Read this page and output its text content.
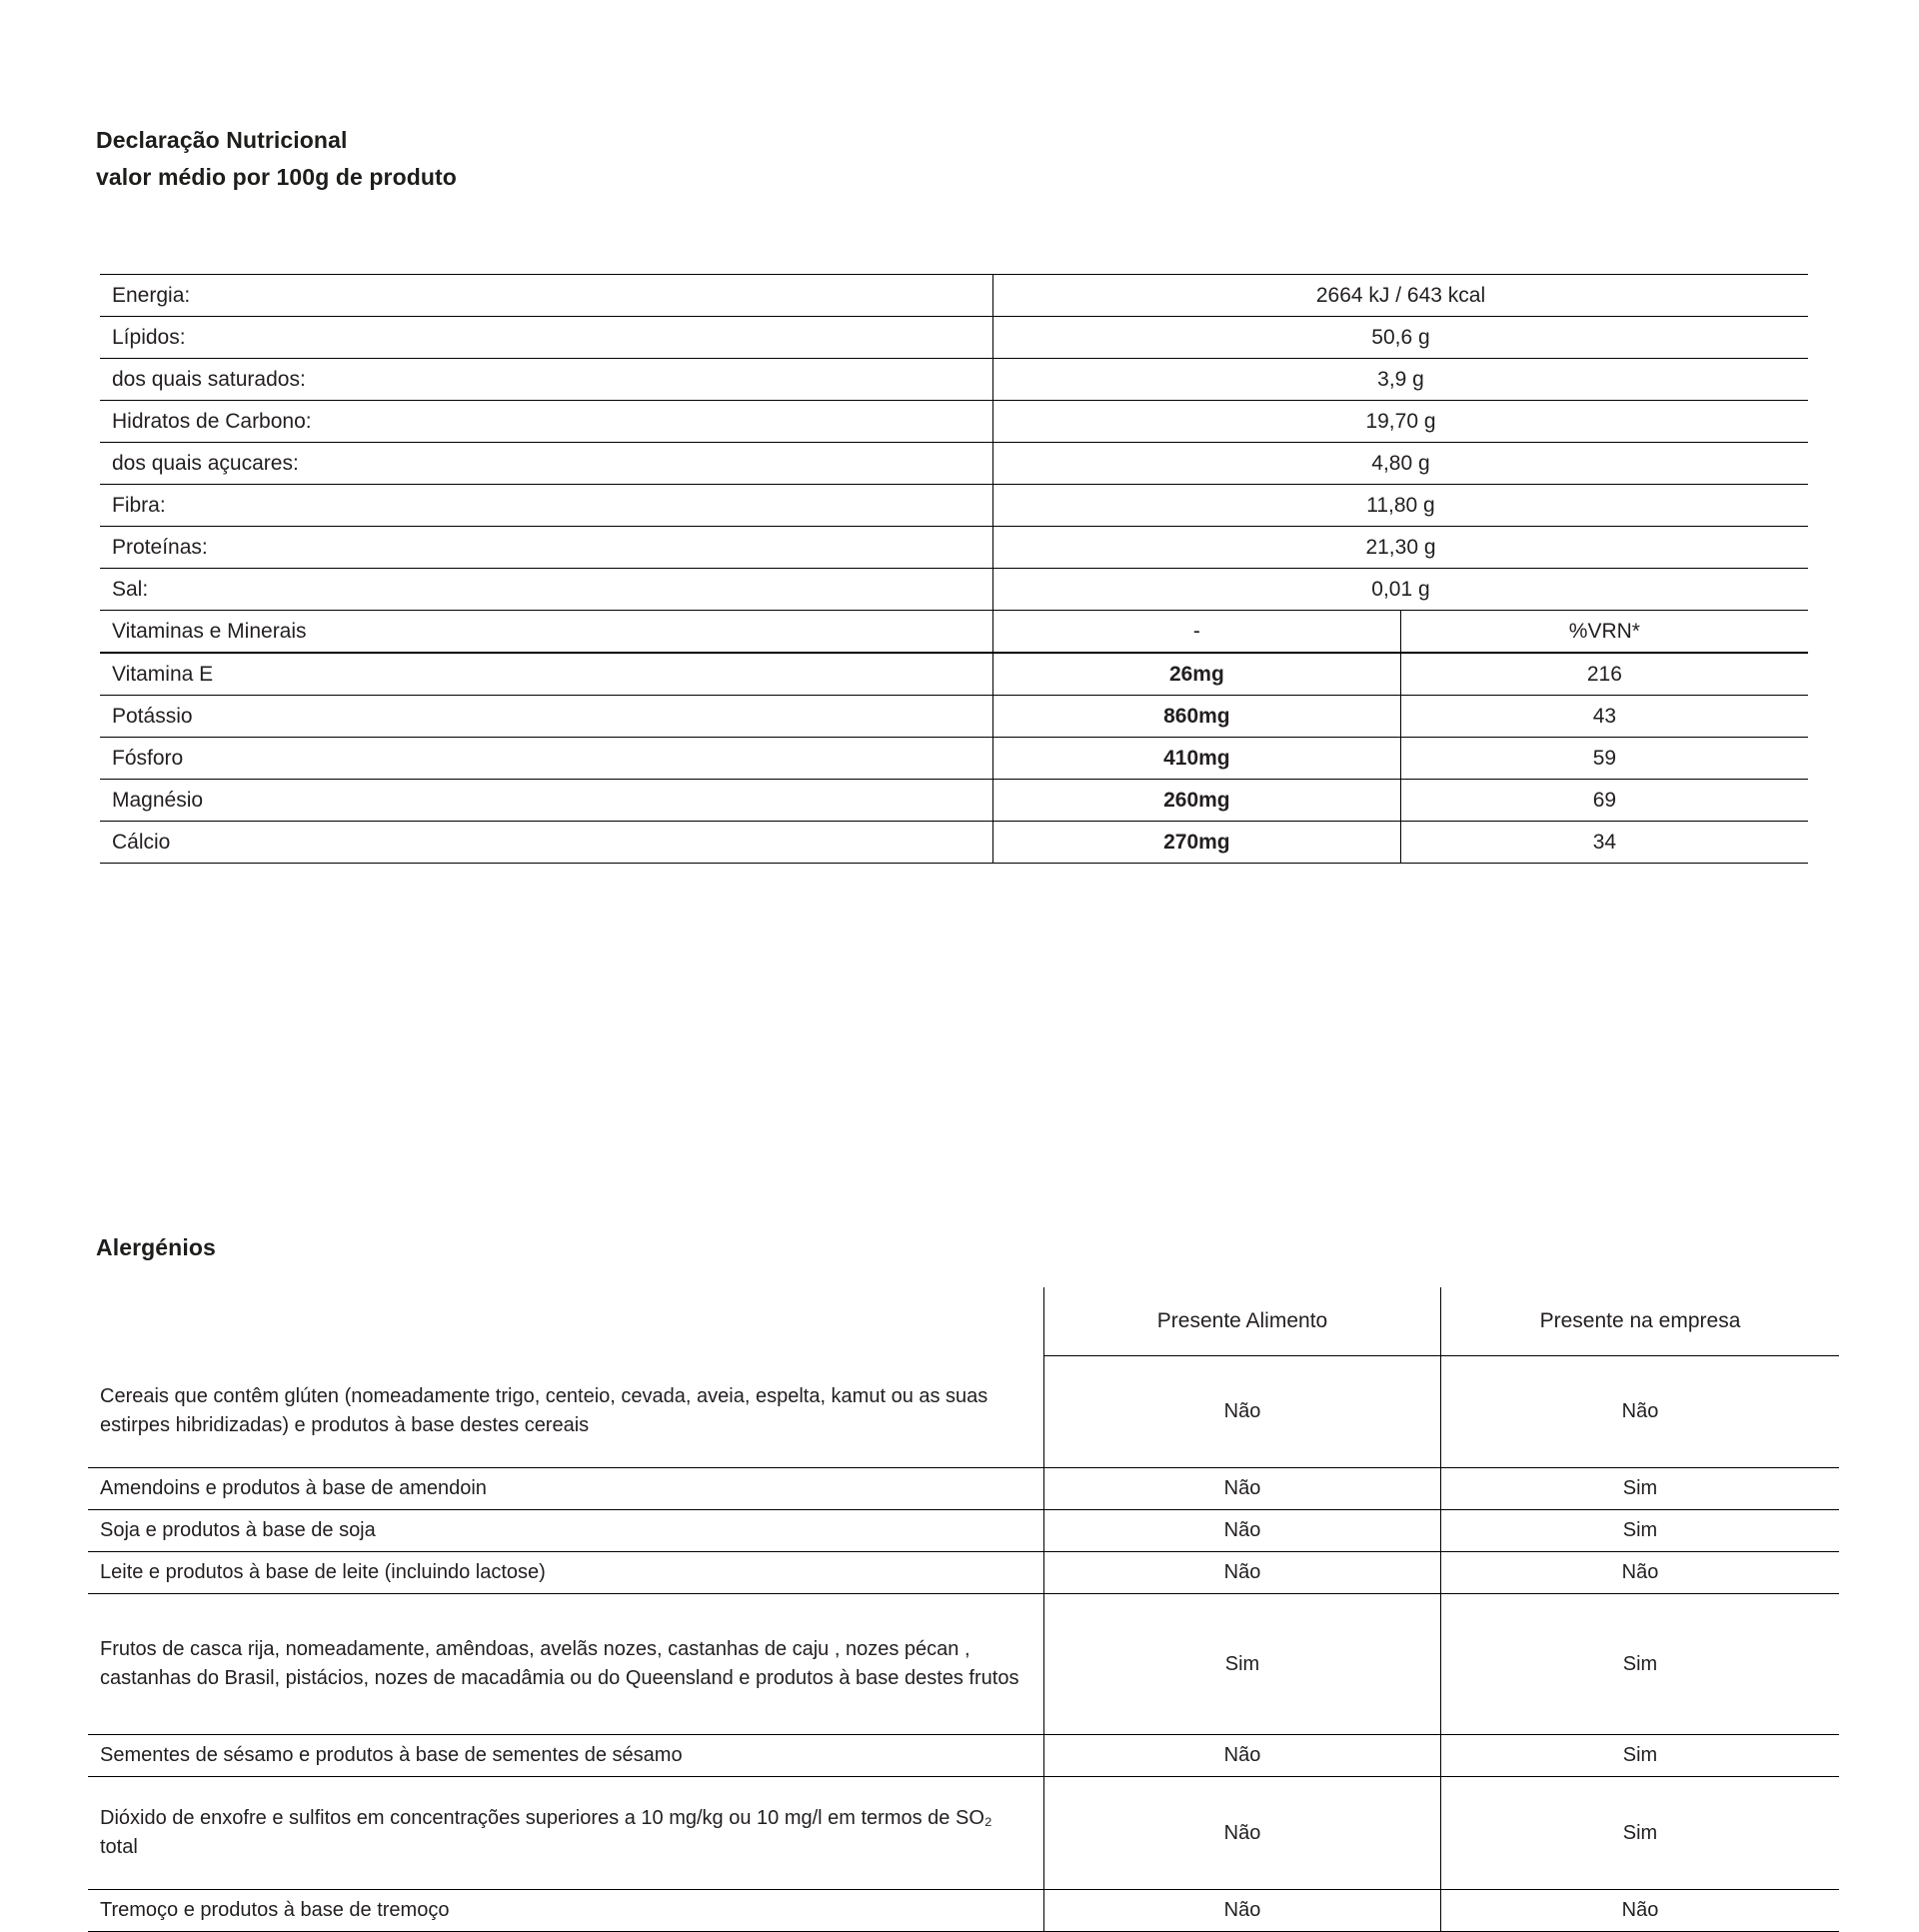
Declaração Nutricional
valor médio por 100g de produto
Energia:	2664 kJ / 643 kcal	
Lípidos:	50,6 g	
dos quais saturados:	3,9 g	
Hidratos de Carbono:	19,70 g	
dos quais açucares:	4,80 g	
Fibra:	11,80 g	
Proteínas:	21,30 g	
Sal:	0,01 g	
Vitaminas e Minerais	-	%VRN*
Vitamina E	26mg	216
Potássio	860mg	43
Fósforo	410mg	59
Magnésio	260mg	69
Cálcio	270mg	34
Alergénios
	Presente Alimento	Presente na empresa
Cereais que contêm glúten (nomeadamente trigo, centeio, cevada, aveia, espelta, kamut ou as suas estirpes hibridizadas) e produtos à base destes cereais	Não	Não
Amendoins e produtos à base de amendoin	Não	Sim
Soja e produtos à base de soja	Não	Sim
Leite e produtos à base de leite (incluindo lactose)	Não	Não
Frutos de casca rija, nomeadamente, amêndoas, avelãs nozes, castanhas de caju , nozes pécan , castanhas do Brasil, pistácios, nozes de macadâmia ou do Queensland e produtos à base destes frutos	Sim	Sim
Sementes de sésamo e produtos à base de sementes de sésamo	Não	Sim
Dióxido de enxofre e sulfitos em concentrações superiores a 10 mg/kg ou 10 mg/l em termos de SO₂ total	Não	Sim
Tremoço e produtos à base de tremoço	Não	Não
